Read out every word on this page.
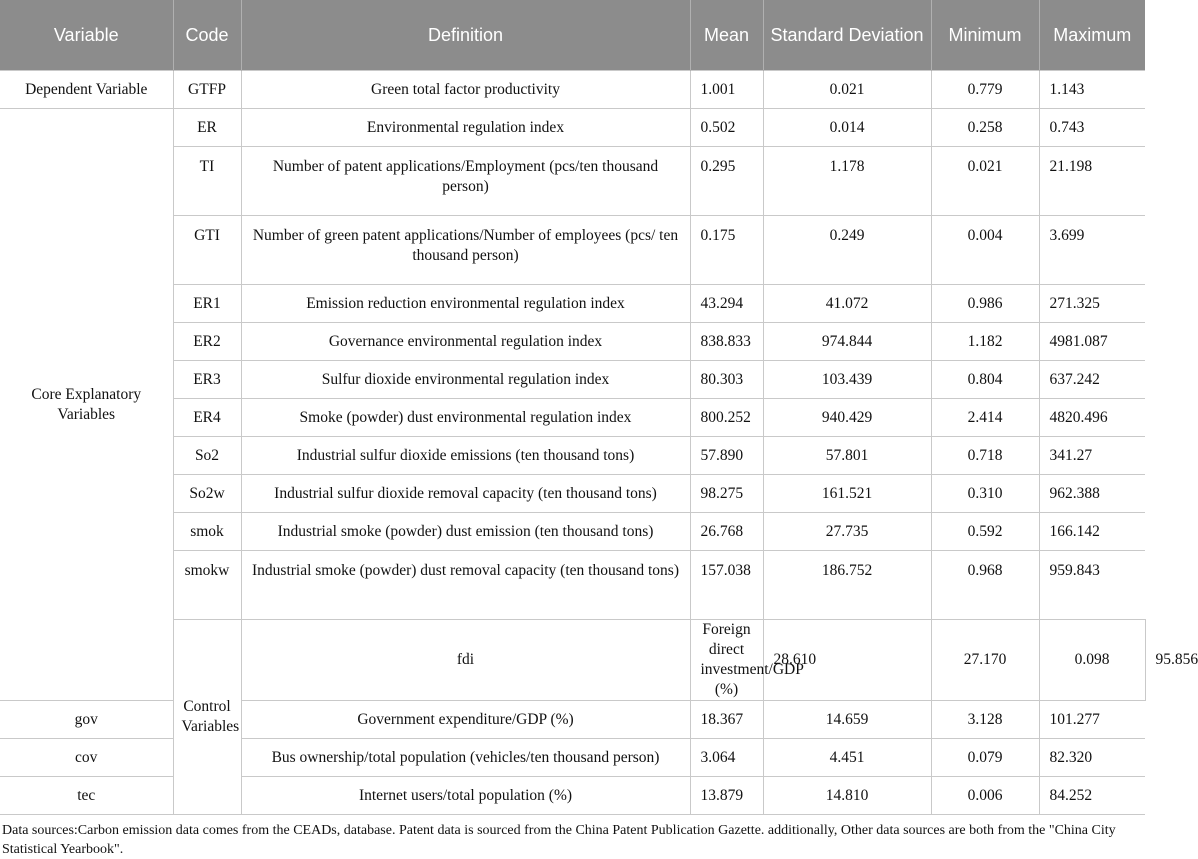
Variable	Code	Definition	Mean	Standard Deviation	Minimum	Maximum	
Dependent Variable	GTFP	Green total factor productivity	1.001	0.021	0.779	1.143	
Core Explanatory Variables	ER	Environmental regulation index	0.502	0.014	0.258	0.743	
	TI	Number of patent applications/Employment (pcs/ten thousand person)	0.295	1.178	0.021	21.198	
	GTI	Number of green patent applications/Number of employees (pcs/ ten thousand person)	0.175	0.249	0.004	3.699	
	ER1	Emission reduction environmental regulation index	43.294	41.072	0.986	271.325	
	ER2	Governance environmental regulation index	838.833	974.844	1.182	4981.087	
	ER3	Sulfur dioxide environmental regulation index	80.303	103.439	0.804	637.242	
	ER4	Smoke (powder) dust environmental regulation index	800.252	940.429	2.414	4820.496	
	So2	Industrial sulfur dioxide emissions (ten thousand tons)	57.890	57.801	0.718	341.27	
	So2w	Industrial sulfur dioxide removal capacity (ten thousand tons)	98.275	161.521	0.310	962.388	
	smok	Industrial smoke (powder) dust emission (ten thousand tons)	26.768	27.735	0.592	166.142	
	smokw	Industrial smoke (powder) dust removal capacity (ten thousand tons)	157.038	186.752	0.968	959.843	
	Control Variables	fdi	Foreign direct investment/GDP (%)	28.610	27.170	0.098	95.856
gov		Government expenditure/GDP (%)	18.367	14.659	3.128	101.277	
cov		Bus ownership/total population (vehicles/ten thousand person)	3.064	4.451	0.079	82.320	
tec		Internet users/total population (%)	13.879	14.810	0.006	84.252	
Data sources:Carbon emission data comes from the CEADs, database. Patent data is sourced from the China Patent Publication Gazette. additionally, Other data sources are both from the "China City Statistical Yearbook".
